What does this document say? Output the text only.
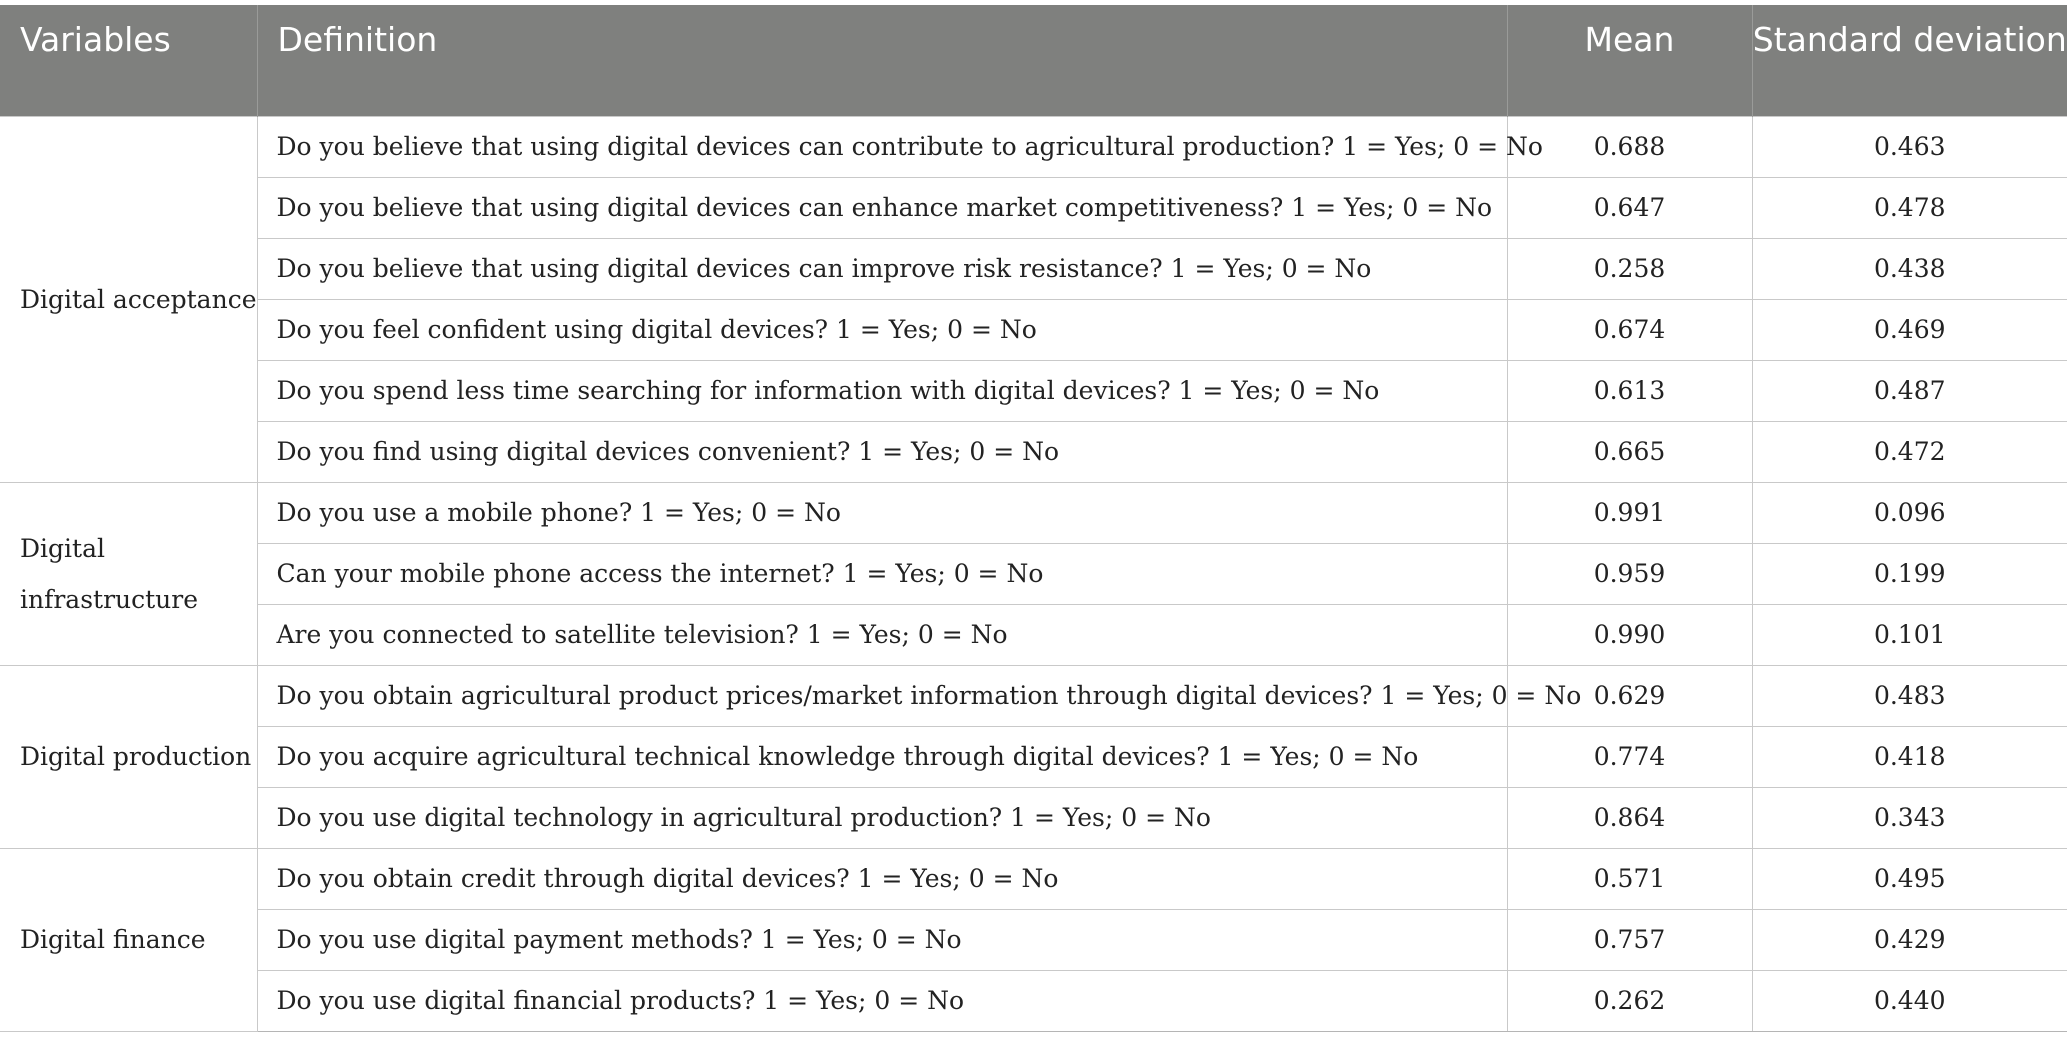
Variables	Definition	Mean	Standard deviation
Digital acceptance	Do you believe that using digital devices can contribute to agricultural production? 1 = Yes; 0 = No	0.688	0.463
	Do you believe that using digital devices can enhance market competitiveness? 1 = Yes; 0 = No	0.647	0.478
	Do you believe that using digital devices can improve risk resistance? 1 = Yes; 0 = No	0.258	0.438
	Do you feel confident using digital devices? 1 = Yes; 0 = No	0.674	0.469
	Do you spend less time searching for information with digital devices? 1 = Yes; 0 = No	0.613	0.487
	Do you find using digital devices convenient? 1 = Yes; 0 = No	0.665	0.472
Digital infrastructure	Do you use a mobile phone? 1 = Yes; 0 = No	0.991	0.096
	Can your mobile phone access the internet? 1 = Yes; 0 = No	0.959	0.199
	Are you connected to satellite television? 1 = Yes; 0 = No	0.990	0.101
Digital production	Do you obtain agricultural product prices/market information through digital devices? 1 = Yes; 0 = No	0.629	0.483
	Do you acquire agricultural technical knowledge through digital devices? 1 = Yes; 0 = No	0.774	0.418
	Do you use digital technology in agricultural production? 1 = Yes; 0 = No	0.864	0.343
Digital finance	Do you obtain credit through digital devices? 1 = Yes; 0 = No	0.571	0.495
	Do you use digital payment methods? 1 = Yes; 0 = No	0.757	0.429
	Do you use digital financial products? 1 = Yes; 0 = No	0.262	0.440
